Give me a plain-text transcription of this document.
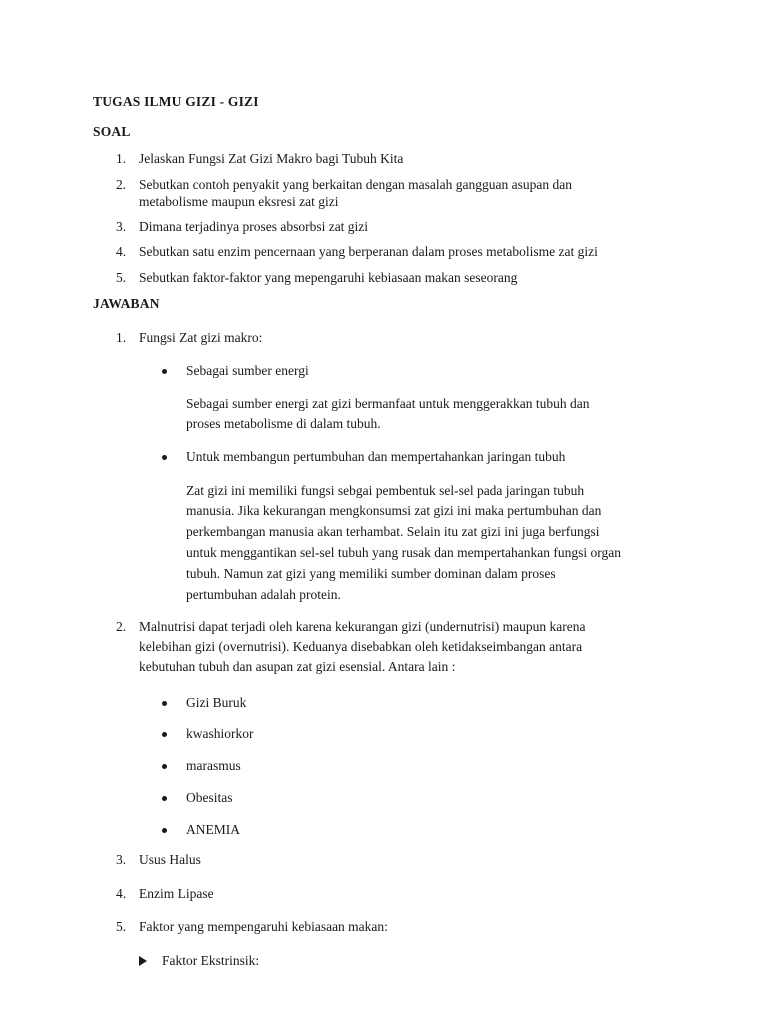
TUGAS ILMU GIZI - GIZI
SOAL
1. Jelaskan Fungsi Zat Gizi Makro bagi Tubuh Kita
2. Sebutkan contoh penyakit yang berkaitan dengan masalah gangguan asupan dan
metabolisme maupun eksresi zat gizi
3. Dimana terjadinya proses absorbsi zat gizi
4. Sebutkan satu enzim pencernaan yang berperanan dalam proses metabolisme zat gizi
5. Sebutkan faktor-faktor yang mepengaruhi kebiasaan makan seseorang
JAWABAN
1. Fungsi Zat gizi makro:
Sebagai sumber energi
Sebagai sumber energi zat gizi bermanfaat untuk menggerakkan tubuh dan
proses metabolisme di dalam tubuh.
Untuk membangun pertumbuhan dan mempertahankan jaringan tubuh
Zat gizi ini memiliki fungsi sebgai pembentuk sel-sel pada jaringan tubuh
manusia. Jika kekurangan mengkonsumsi zat gizi ini maka pertumbuhan dan
perkembangan manusia akan terhambat. Selain itu zat gizi ini juga berfungsi
untuk menggantikan sel-sel tubuh yang rusak dan mempertahankan fungsi organ
tubuh. Namun zat gizi yang memiliki sumber dominan dalam proses
pertumbuhan adalah protein.
2. Malnutrisi dapat terjadi oleh karena kekurangan gizi (undernutrisi) maupun karena
kelebihan gizi (overnutrisi). Keduanya disebabkan oleh ketidakseimbangan antara
kebutuhan tubuh dan asupan zat gizi esensial. Antara lain :
Gizi Buruk
kwashiorkor
marasmus
Obesitas
ANEMIA
3. Usus Halus
4. Enzim Lipase
5. Faktor yang mempengaruhi kebiasaan makan:
Faktor Ekstrinsik:
